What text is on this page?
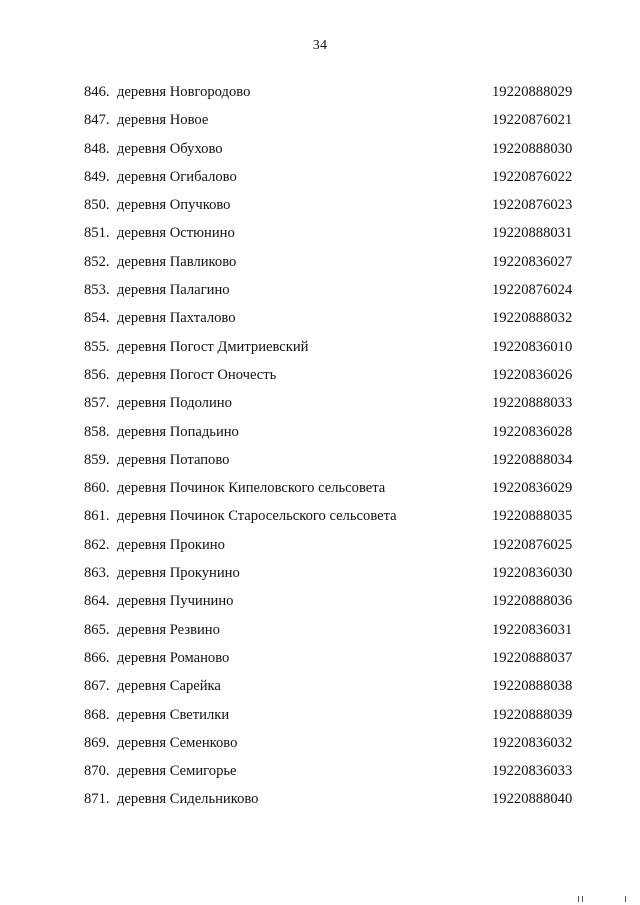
34
846. деревня Новгородово	19220888029
847. деревня Новое	19220876021
848. деревня Обухово	19220888030
849. деревня Огибалово	19220876022
850. деревня Опучково	19220876023
851. деревня Остюнино	19220888031
852. деревня Павликово	19220836027
853. деревня Палагино	19220876024
854. деревня Пахталово	19220888032
855. деревня Погост Дмитриевский	19220836010
856. деревня Погост Оночесть	19220836026
857. деревня Подолино	19220888033
858. деревня Попадьино	19220836028
859. деревня Потапово	19220888034
860. деревня Починок Кипеловского сельсовета	19220836029
861. деревня Починок Старосельского сельсовета	19220888035
862. деревня Прокино	19220876025
863. деревня Прокунино	19220836030
864. деревня Пучинино	19220888036
865. деревня Резвино	19220836031
866. деревня Романово	19220888037
867. деревня Сарейка	19220888038
868. деревня Светилки	19220888039
869. деревня Семенково	19220836032
870. деревня Семигорье	19220836033
871. деревня Сидельниково	19220888040
